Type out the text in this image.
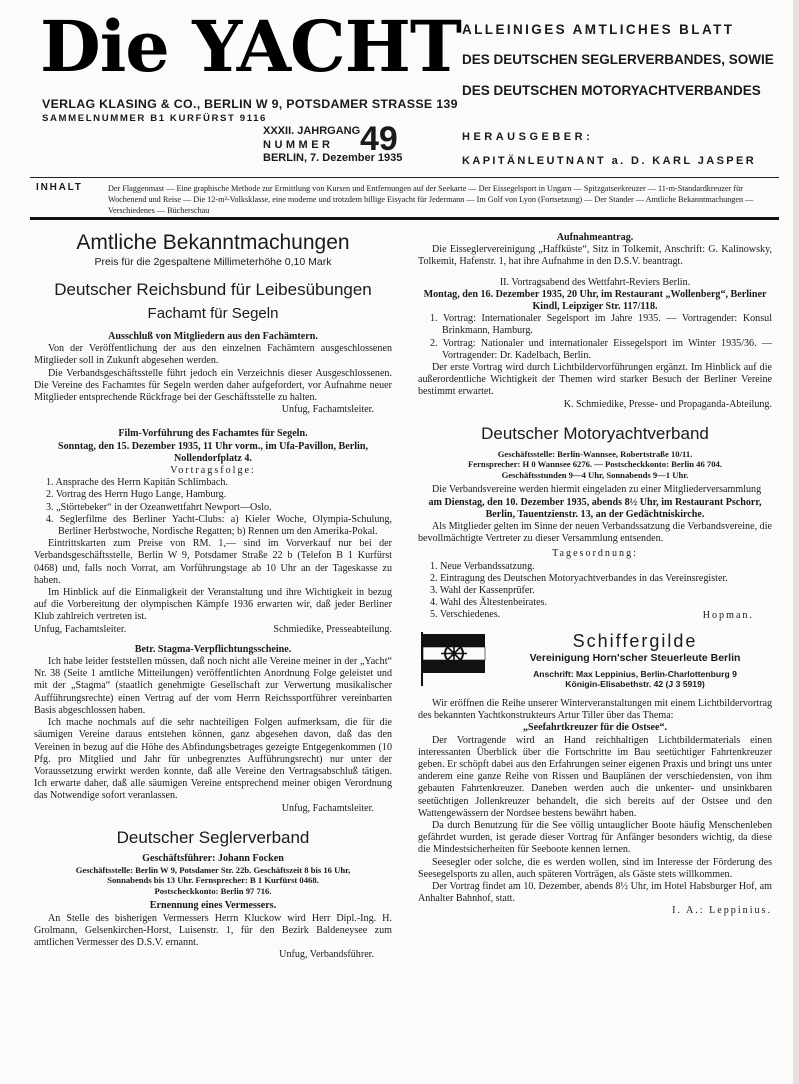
Die YACHT
VERLAG KLASING & CO., BERLIN W 9, POTSDAMER STRASSE 139
SAMMELNUMMER B1 KURFÜRST 9116
XXXII. JAHRGANG
NUMMER 49
BERLIN, 7. Dezember 1935
ALLEINIGES AMTLICHES BLATT
DES DEUTSCHEN SEGLERVERBANDES, SOWIE
DES DEUTSCHEN MOTORYACHTVERBANDES
HERAUSGEBER:
KAPITÄNLEUTNANT a. D. KARL JASPER
INHALT	Der Flaggenmast — Eine graphische Methode zur Ermittlung von Kursen und Entfernungen auf der Seekarte — Der Eissegelsport in Ungarn — Spitzgatseekreuzer — 11-m-Standardkreuzer für Wochenend und Reise — Die 12-m²-Volksklasse, eine moderne und trotzdem billige Eisyacht für Jedermann — Im Golf von Lyon (Fortsetzung) — Der Stander — Amtliche Bekanntmachungen — Verschiedenes — Bücherschau
Amtliche Bekanntmachungen
Preis für die 2gespaltene Millimeterhöhe 0,10 Mark
Deutscher Reichsbund für Leibesübungen
Fachamt für Segeln
Ausschluß von Mitgliedern aus den Fachämtern.

Von der Veröffentlichung der aus den einzelnen Fachämtern ausgeschlossenen Mitglieder soll in Zukunft abgesehen werden.

Die Verbandsgeschäftsstelle führt jedoch ein Verzeichnis dieser Ausgeschlossenen. Die Vereine des Fachamtes für Segeln werden daher aufgefordert, vor Aufnahme neuer Mitglieder entsprechende Rückfrage bei der Geschäftsstelle zu halten.

Unfug, Fachamtsleiter.
Film-Vorführung des Fachamtes für Segeln.
Sonntag, den 15. Dezember 1935, 11 Uhr vorm., im Ufa-Pavillon, Berlin, Nollendorfplatz 4.
Vortragsfolge:
1. Ansprache des Herrn Kapitän Schlimbach.
2. Vortrag des Herrn Hugo Lange, Hamburg.
3. „Störtebeker“ in der Ozeanwettfahrt Newport—Oslo.
4. Seglerfilme des Berliner Yacht-Clubs: a) Kieler Woche, Olympia-Schulung, Berliner Herbstwoche, Nordische Regatten; b) Rennen um den Amerika-Pokal.

Eintrittskarten zum Preise von RM. 1,— sind im Vorverkauf nur bei der Verbandsgeschäftsstelle, Berlin W 9, Potsdamer Straße 22 b (Telefon B 1 Kurfürst 0468) und, falls noch Vorrat, am Vorführungstage ab 10 Uhr an der Tageskasse zu haben.

Im Hinblick auf die Einmaligkeit der Veranstaltung und ihre Wichtigkeit in bezug auf die Vorbereitung der olympischen Kämpfe 1936 erwarten wir, daß jeder Berliner Klub zahlreich vertreten ist.

Unfug, Fachamtsleiter.	Schmiedike, Presseabteilung.
Betr. Stagma-Verpflichtungsscheine.

Ich habe leider feststellen müssen, daß noch nicht alle Vereine meiner in der „Yacht“ Nr. 38 (Seite 1 amtliche Mitteilungen) veröffentlichten Anordnung Folge geleistet und mit der „Stagma“ (staatlich genehmigte Gesellschaft zur Verwertung musikalischer Aufführungsrechte) einen Vertrag auf der vom Herrn Reichssportführer vereinbarten Basis abgeschlossen haben.

Ich mache nochmals auf die sehr nachteiligen Folgen aufmerksam, die für die säumigen Vereine daraus entstehen können, ganz abgesehen davon, daß das den Vereinen in bezug auf die Höhe des Abfindungsbetrages gezeigte Entgegenkommen (10 Pfg. pro Mitglied und Jahr für unbegrenztes Aufführungsrecht) nur unter der Voraussetzung erwirkt werden konnte, daß alle Vereine den Vertragsabschluß tätigen. Ich erwarte daher, daß alle säumigen Vereine entsprechend meiner obigen Verordnung das Notwendige sofort veranlassen.

Unfug, Fachamtsleiter.
Deutscher Seglerverband
Geschäftsführer: Johann Focken
Geschäftsstelle: Berlin W 9, Potsdamer Str. 22b. Geschäftszeit 8 bis 16 Uhr,
Sonnabends bis 13 Uhr. Fernsprecher: B 1 Kurfürst 0468.
Postscheckkonto: Berlin 97 716.
Ernennung eines Vermessers.

An Stelle des bisherigen Vermessers Herrn Kluckow wird Herr Dipl.-Ing. H. Grolmann, Gelsenkirchen-Horst, Luisenstr. 1, für den Bezirk Baldeneysee zum amtlichen Vermesser des D.S.V. ernannt.

Unfug, Verbandsführer.
Aufnahmeantrag.

Die Eisseglervereinigung „Haffküste“, Sitz in Tolkemit, Anschrift: G. Kalinowsky, Tolkemit, Hafenstr. 1, hat ihre Aufnahme in den D.S.V. beantragt.

II. Vortragsabend des Wettfahrt-Reviers Berlin.
Montag, den 16. Dezember 1935, 20 Uhr, im Restaurant „Wollenberg“, Berliner Kindl, Leipziger Str. 117/118.
1. Vortrag: Internationaler Segelsport im Jahre 1935. — Vortragender: Konsul Brinkmann, Hamburg.
2. Vortrag: Nationaler und internationaler Eissegelsport im Winter 1935/36. — Vortragender: Dr. Kadelbach, Berlin.

Der erste Vortrag wird durch Lichtbildervorführungen ergänzt. Im Hinblick auf die außerordentliche Wichtigkeit der Themen wird starker Besuch der Berliner Vereine bestimmt erwartet.

K. Schmiedike, Presse- und Propaganda-Abteilung.
Deutscher Motoryachtverband
Geschäftsstelle: Berlin-Wannsee, Robertstraße 10/11.
Fernsprecher: H 0 Wannsee 6276. — Postscheckkonto: Berlin 46 704.
Geschäftsstunden 9—4 Uhr, Sonnabends 9—1 Uhr.

Die Verbandsvereine werden hiermit eingeladen zu einer Mitgliederversammlung

am Dienstag, den 10. Dezember 1935, abends 8½ Uhr, im Restaurant Pschorr, Berlin, Tauentzienstr. 13, an der Gedächtniskirche.

Als Mitglieder gelten im Sinne der neuen Verbandssatzung die Verbandsvereine, die bevollmächtigte Vertreter zu dieser Versammlung entsenden.

Tagesordnung:
1. Neue Verbandssatzung.
2. Eintragung des Deutschen Motoryachtverbandes in das Vereinsregister.
3. Wahl der Kassenprüfer.
4. Wahl des Ältestenbeirates.
5. Verschiedenes.	Hopman.
Schiffergilde
Vereinigung Horn'scher Steuerleute Berlin
Anschrift: Max Leppinius, Berlin-Charlottenburg 9
Königin-Elisabethstr. 42 (J 3 5919)

Wir eröffnen die Reihe unserer Winterveranstaltungen mit einem Lichtbildervortrag des bekannten Yachtkonstrukteurs Artur Tiller über das Thema:

„Seefahrtkreuzer für die Ostsee“.

Der Vortragende wird an Hand reichhaltigen Lichtbildermaterials einen interessanten Überblick über die Fortschritte im Bau seetüchtiger Fahrtenkreuzer geben. Er schöpft dabei aus den Erfahrungen seiner eigenen Praxis und bringt uns unter anderem eine ganze Reihe von Rissen und Bauplänen der verschiedensten, von ihm gebauten Fahrtenkreuzer. Daneben werden auch die unkenter- und unsinkbaren seetüchtigen Jollenkreuzer behandelt, die sich bereits auf der Ostsee und den Wattengewässern der Nordsee bestens bewährt haben.

Da durch Benutzung für die See völlig untauglicher Boote häufig Menschenleben gefährdet wurden, ist gerade dieser Vortrag für Anfänger besonders wichtig, da diese die Mindestsicherheiten für Seeboote kennen lernen.

Seesegler oder solche, die es werden wollen, sind im Interesse der Förderung des Seesegelsports zu allen, auch späteren Vorträgen, als Gäste stets willkommen.

Der Vortrag findet am 10. Dezember, abends 8½ Uhr, im Hotel Habsburger Hof, am Anhalter Bahnhof, statt.

I. A.: Leppinius.
